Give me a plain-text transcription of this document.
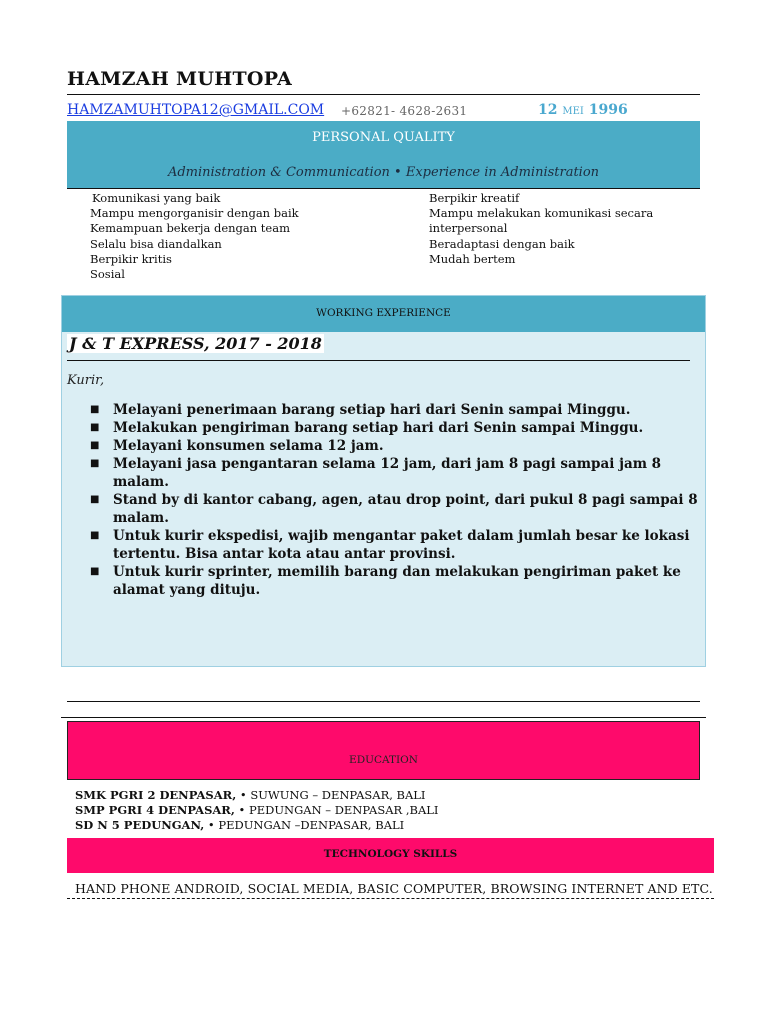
HAMZAH MUHTOPA
HAMZAMUHTOPA12@GMAIL.COM +62821- 4628-2631	12 MEI 1996
PERSONAL QUALITY
Administration & Communication • Experience in Administration
Komunikasi yang baik
Mampu mengorganisir dengan baik
Kemampuan bekerja dengan team
Selalu bisa diandalkan
Berpikir kritis
Sosial
Berpikir kreatif
Mampu melakukan komunikasi secara
interpersonal
Beradaptasi dengan baik
Mudah bertem
WORKING EXPERIENCE
J & T EXPRESS, 2017 - 2018
Kurir,
■ Melayani penerimaan barang setiap hari dari Senin sampai Minggu.
■ Melakukan pengiriman barang setiap hari dari Senin sampai Minggu.
■ Melayani konsumen selama 12 jam.
■ Melayani jasa pengantaran selama 12 jam, dari jam 8 pagi sampai jam 8 malam.
■ Stand by di kantor cabang, agen, atau drop point, dari pukul 8 pagi sampai 8 malam.
■ Untuk kurir ekspedisi, wajib mengantar paket dalam jumlah besar ke lokasi tertentu. Bisa antar kota atau antar provinsi.
■ Untuk kurir sprinter, memilih barang dan melakukan pengiriman paket ke alamat yang dituju.
EDUCATION
SMK PGRI 2 DENPASAR, • SUWUNG – DENPASAR, BALI
SMP PGRI 4 DENPASAR, • PEDUNGAN – DENPASAR ,BALI
SD N 5 PEDUNGAN, • PEDUNGAN –DENPASAR, BALI
TECHNOLOGY SKILLS
HAND PHONE ANDROID, SOCIAL MEDIA, BASIC COMPUTER, BROWSING INTERNET AND ETC.
